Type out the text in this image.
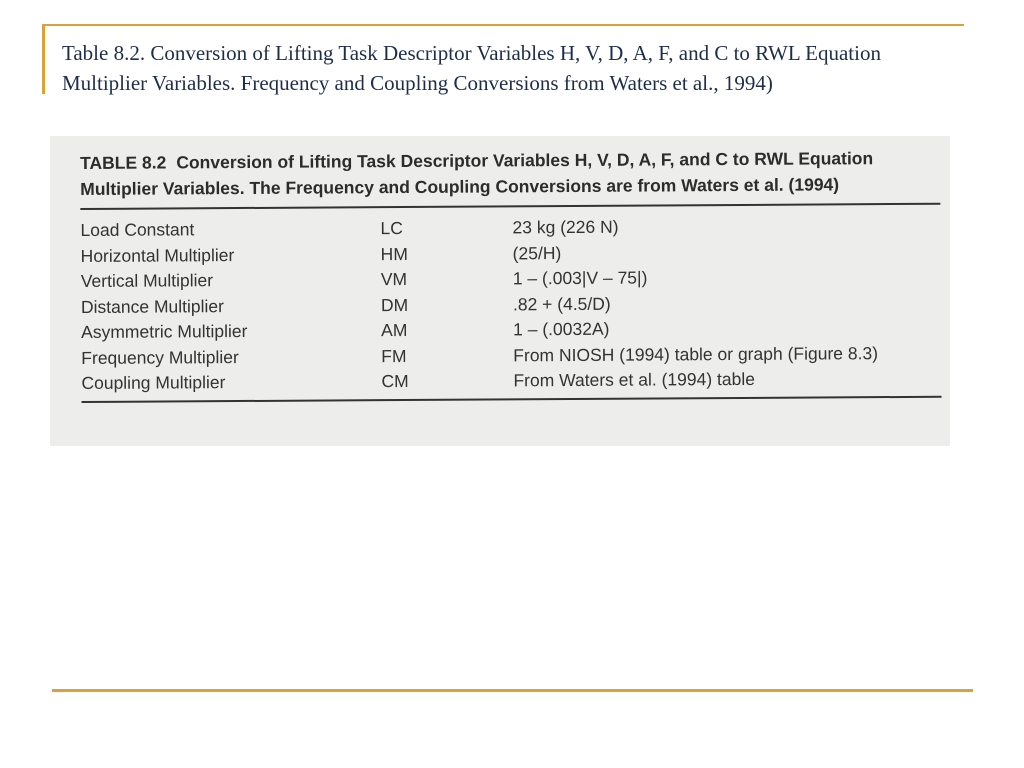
Table 8.2. Conversion of Lifting Task Descriptor Variables H, V, D, A, F, and C to RWL Equation Multiplier Variables. Frequency and Coupling Conversions from Waters et al., 1994)

TABLE 8.2 Conversion of Lifting Task Descriptor Variables H, V, D, A, F, and C to RWL Equation Multiplier Variables. The Frequency and Coupling Conversions are from Waters et al. (1994)

Load Constant	LC	23 kg (226 N)
Horizontal Multiplier	HM	(25/H)
Vertical Multiplier	VM	1 – (.003|V – 75|)
Distance Multiplier	DM	.82 + (4.5/D)
Asymmetric Multiplier	AM	1 – (.0032A)
Frequency Multiplier	FM	From NIOSH (1994) table or graph (Figure 8.3)
Coupling Multiplier	CM	From Waters et al. (1994) table
